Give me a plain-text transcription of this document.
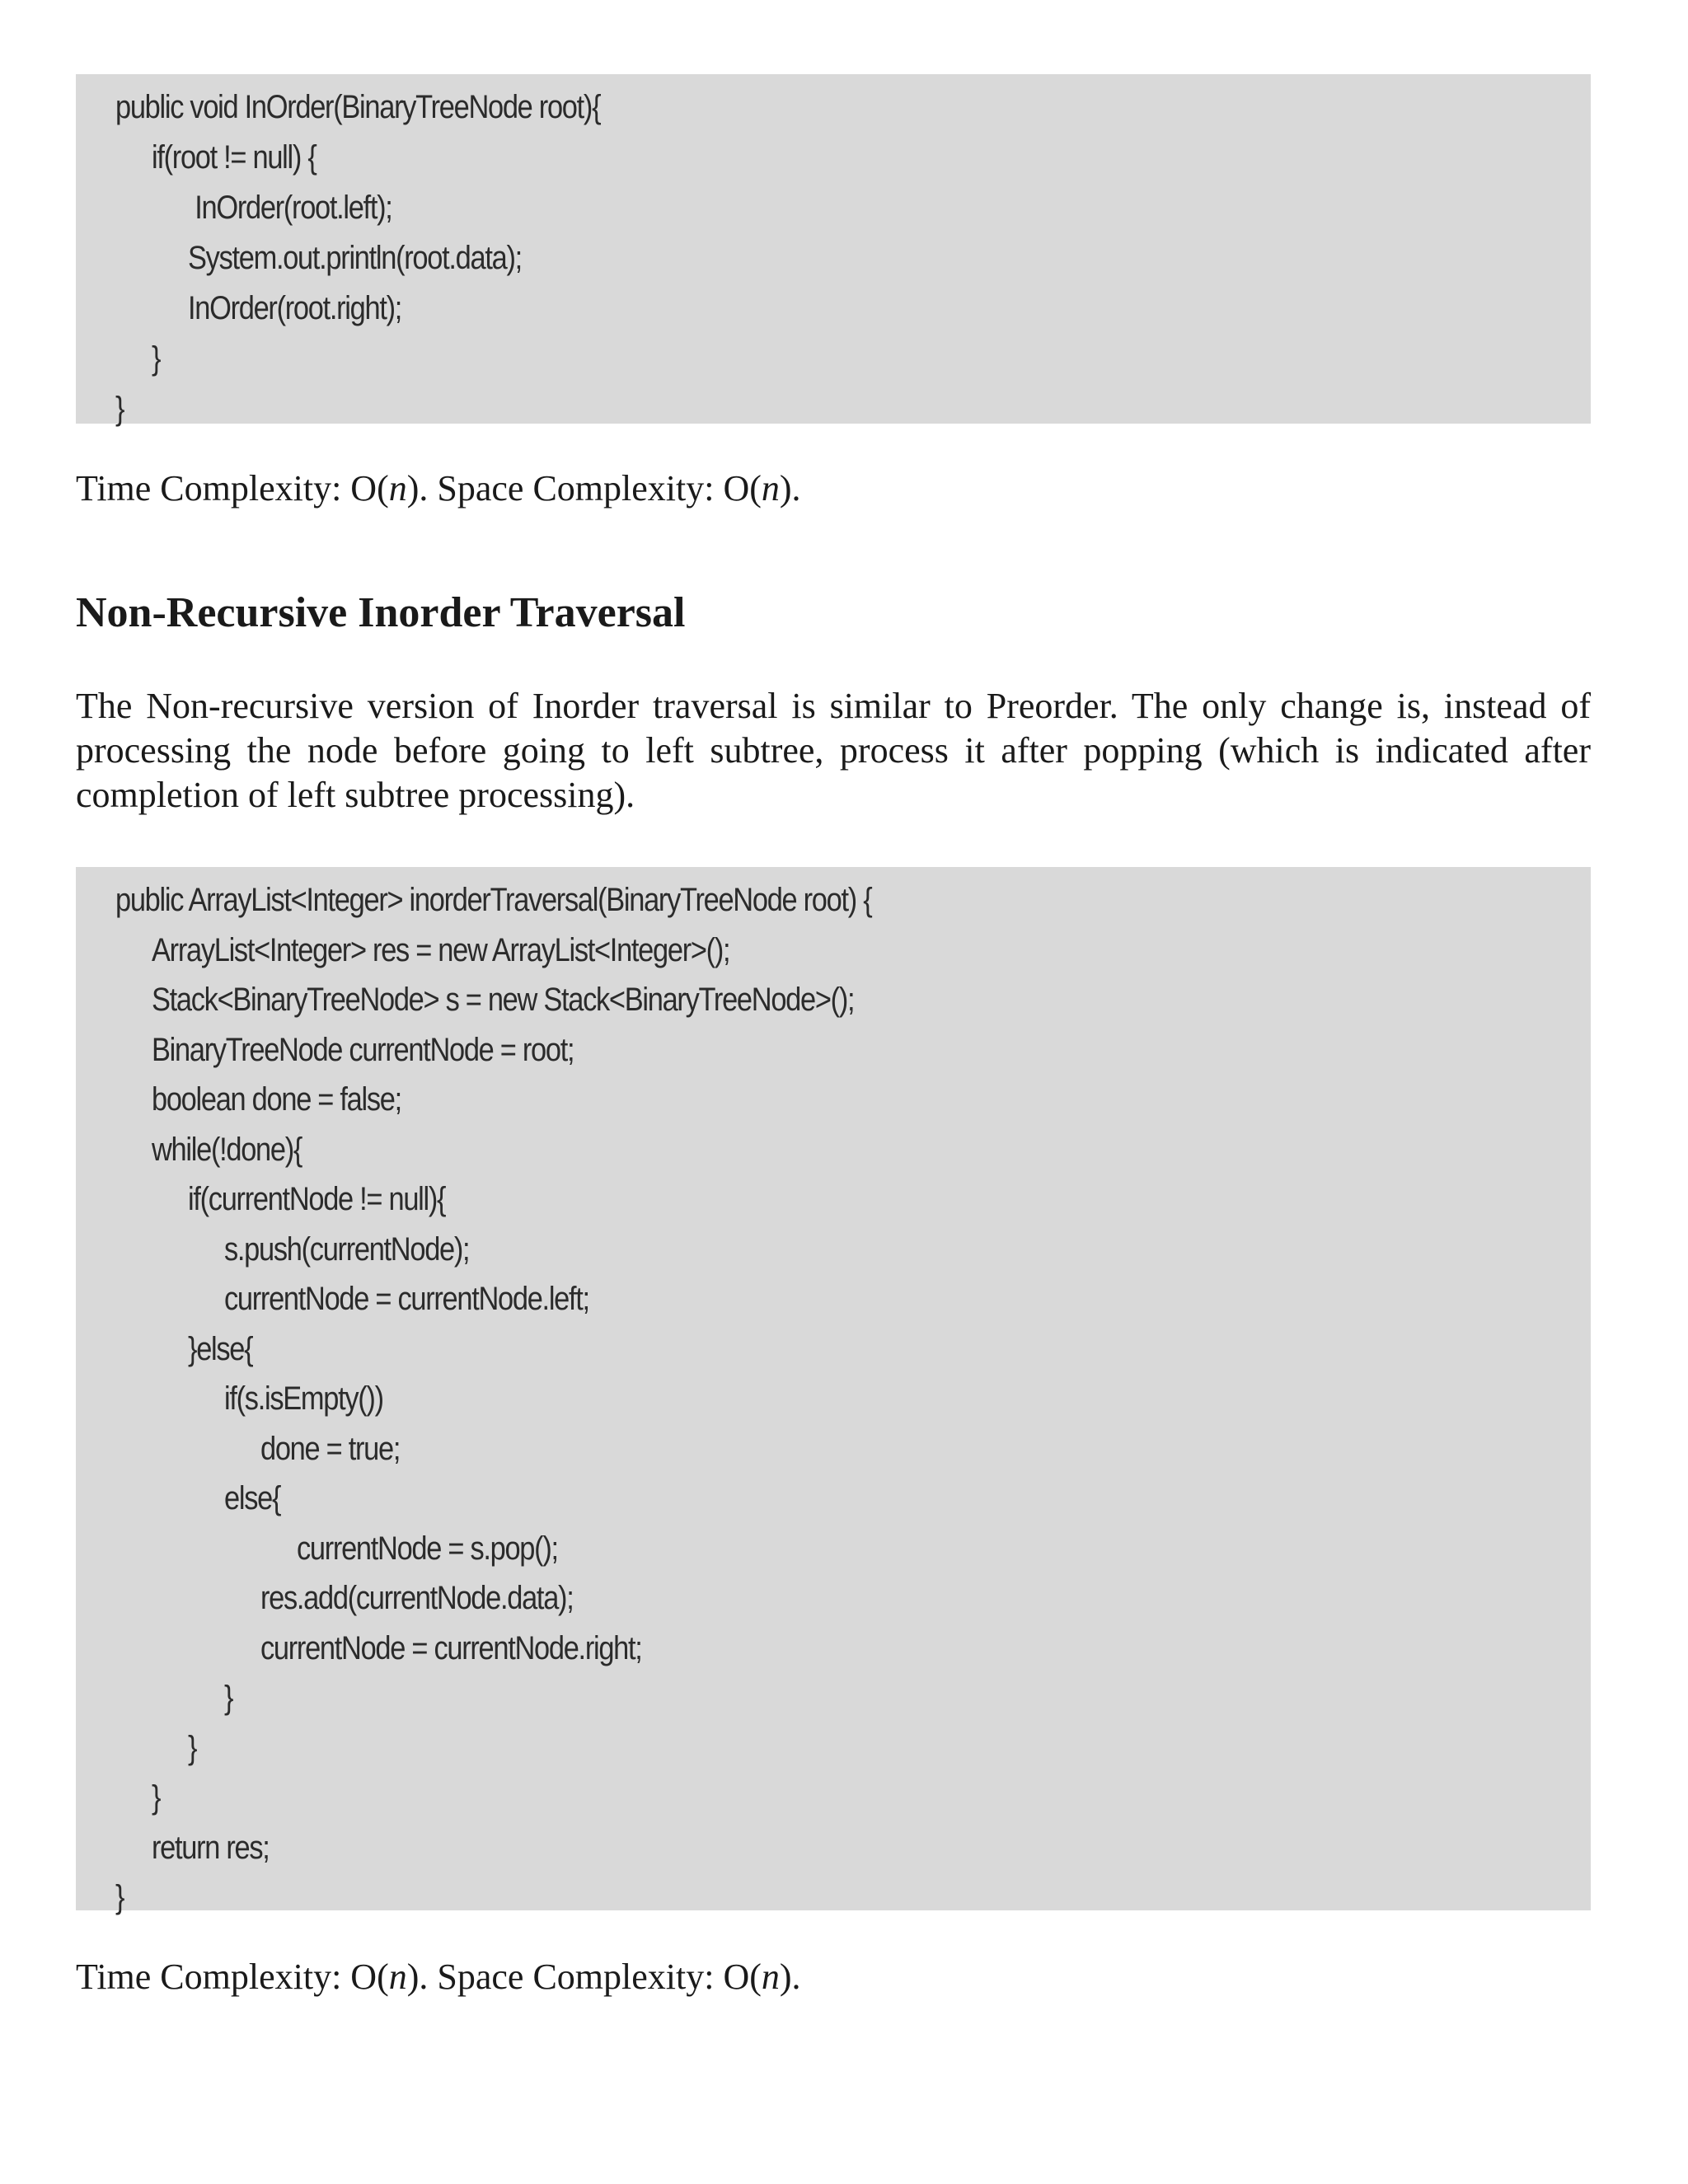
public void InOrder(BinaryTreeNode root){
if(root != null) {
InOrder(root.left);
System.out.println(root.data);
InOrder(root.right);
}
}
Time Complexity: O(n). Space Complexity: O(n).
Non-Recursive Inorder Traversal
The Non-recursive version of Inorder traversal is similar to Preorder. The only change is, instead of processing the node before going to left subtree, process it after popping (which is indicated after completion of left subtree processing).
public ArrayList<Integer> inorderTraversal(BinaryTreeNode root) {
ArrayList<Integer> res = new ArrayList<Integer>();
Stack<BinaryTreeNode> s = new Stack<BinaryTreeNode>();
BinaryTreeNode currentNode = root;
boolean done = false;
while(!done){
if(currentNode != null){
s.push(currentNode);
currentNode = currentNode.left;
}else{
if(s.isEmpty())
done = true;
else{
currentNode = s.pop();
res.add(currentNode.data);
currentNode = currentNode.right;
}
}
}
return res;
}
Time Complexity: O(n). Space Complexity: O(n).
